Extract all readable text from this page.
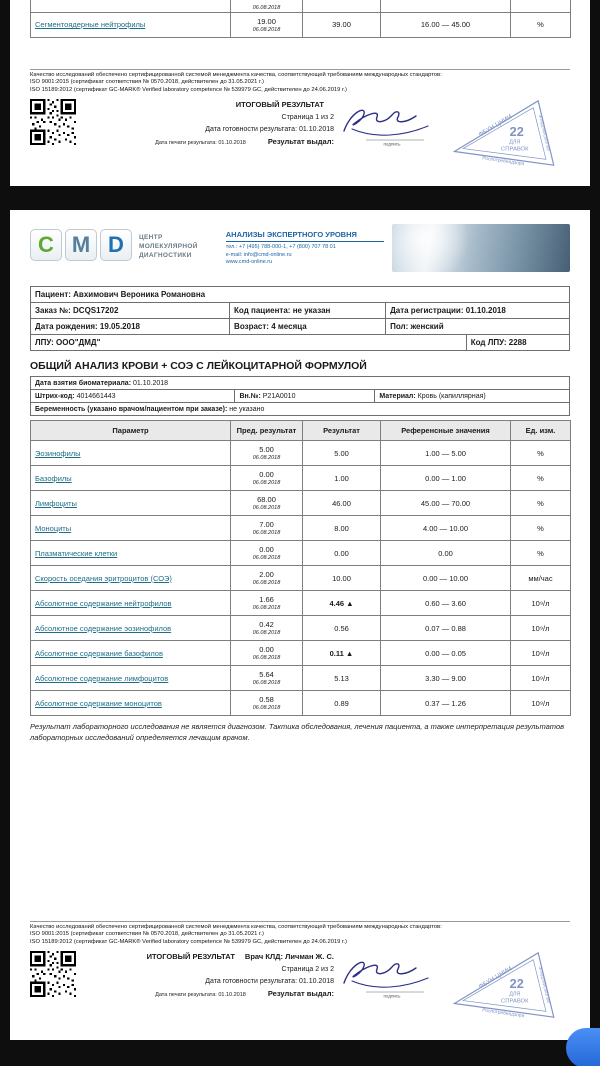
	06.08.2018			

Сегментоядерные нейтрофилы	19.00
06.08.2018	39.00	16.00 — 45.00	%
Качество исследований обеспечено сертифицированной системой менеджмента качества, соответствующей требованиям международных стандартов:
ISO 9001:2015 (сертификат соответствия № 0570.2018, действителен до 31.05.2021 г.)
ISO 15189:2012 (сертификат GC-MARK® Verified laboratory competence № 539979 GC, действителен до 24.06.2019 г.)
ИТОГОВЫЙ РЕЗУЛЬТАТ
Страница 1 из 2
Дата готовности результата: 01.10.2018
Дата печати результата: 01.10.2018	Результат выдал:	подпись
ФБУН ЦНИИ	ЭПИДЕМИОЛОГИИ
Роспотребнадзора
22
ДЛЯ
СПРАВОК
C M D	ЦЕНТР
МОЛЕКУЛЯРНОЙ
ДИАГНОСТИКИ
АНАЛИЗЫ ЭКСПЕРТНОГО УРОВНЯ
тел.: +7 (495) 788-000-1, +7 (800) 707 78 01
e-mail: info@cmd-online.ru
www.cmd-online.ru
Пациент: Авхимович Вероника Романовна
Заказ №: DCQS17202	Код пациента: не указан	Дата регистрации: 01.10.2018
Дата рождения: 19.05.2018	Возраст: 4 месяца	Пол: женский
ЛПУ: ООО"ДМД"	Код ЛПУ: 2288
ОБЩИЙ АНАЛИЗ КРОВИ + СОЭ С ЛЕЙКОЦИТАРНОЙ ФОРМУЛОЙ
Дата взятия биоматериала: 01.10.2018
Штрих-код: 4014661443	Вн.№: P21A0010	Материал: Кровь (капиллярная)
Беременность (указано врачом/пациентом при заказе): не указано
Параметр	Пред. результат	Результат	Референсные значения	Ед. изм.
Эозинофилы	5.00
06.08.2018	5.00	1.00 — 5.00	%
Базофилы	0.00
06.08.2018	1.00	0.00 — 1.00	%
Лимфоциты	68.00
06.08.2018	46.00	45.00 — 70.00	%
Моноциты	7.00
06.08.2018	8.00	4.00 — 10.00	%
Плазматические клетки	0.00
06.08.2018	0.00	0.00	%
Скорость оседания эритроцитов (СОЭ)	2.00
06.08.2018	10.00	0.00 — 10.00	мм/час
Абсолютное содержание нейтрофилов	1.66
06.08.2018	4.46 ▲	0.60 — 3.60	10⁹/л
Абсолютное содержание эозинофилов	0.42
06.08.2018	0.56	0.07 — 0.88	10⁹/л
Абсолютное содержание базофилов	0.00
06.08.2018	0.11 ▲	0.00 — 0.05	10⁹/л
Абсолютное содержание лимфоцитов	5.64
06.08.2018	5.13	3.30 — 9.00	10⁹/л
Абсолютное содержание моноцитов	0.58
06.08.2018	0.89	0.37 — 1.26	10⁹/л
Результат лабораторного исследования не является диагнозом. Тактика обследования, лечения пациента, а также интерпретация результатов лабораторных исследований определяется лечащим врачом.
Качество исследований обеспечено сертифицированной системой менеджмента качества, соответствующей требованиям международных стандартов:
ISO 9001:2015 (сертификат соответствия № 0570.2018, действителен до 31.05.2021 г.)
ISO 15189:2012 (сертификат GC-MARK® Verified laboratory competence № 539979 GC, действителен до 24.06.2019 г.)
ИТОГОВЫЙ РЕЗУЛЬТАТ Врач КЛД: Личман Ж. С.
Страница 2 из 2
Дата готовности результата: 01.10.2018
Дата печати результата: 01.10.2018	Результат выдал:	подпись
ФБУН ЦНИИ	ЭПИДЕМИОЛОГИИ
Роспотребнадзора
22
ДЛЯ
СПРАВОК
